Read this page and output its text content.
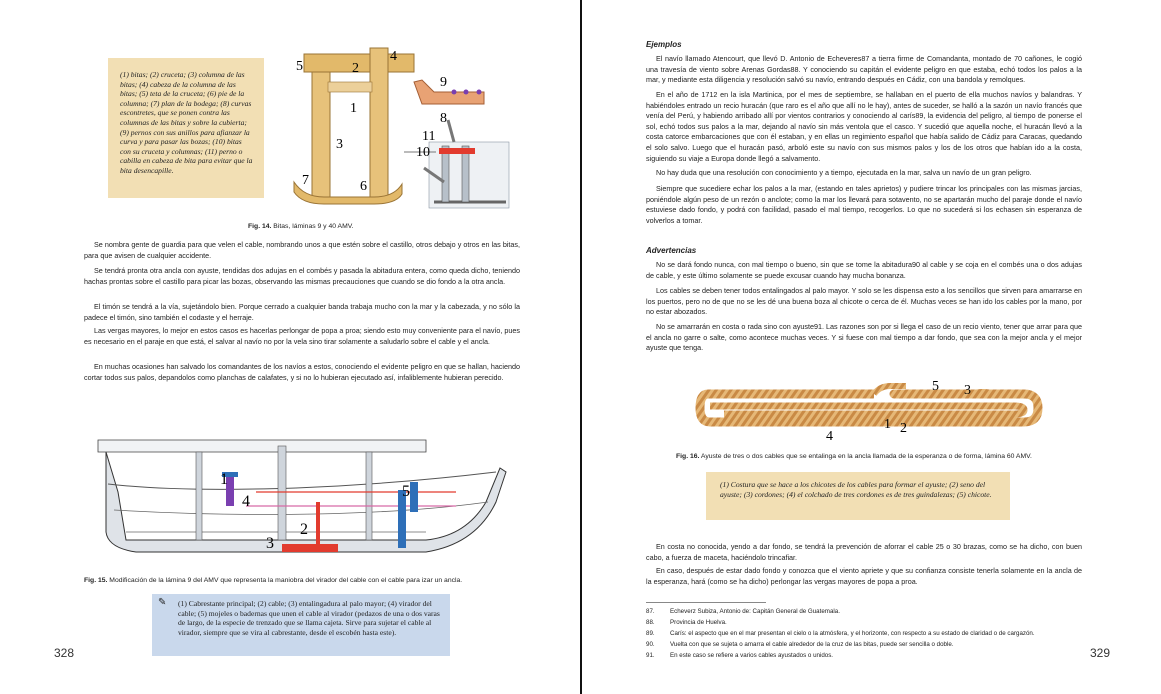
(1) bitas; (2) cruceta; (3) columna de las bitas; (4) cabeza de la columna de las bitas; (5) teta de la cruceta; (6) pie de la columna; (7) plan de la bodega; (8) curvas escontretes, que se ponen contra las columnas de las bitas y sobre la cubierta; (9) pernos con sus anillos para afianzar la curva y para pasar las bozas; (10) bitas con su cruceta y columnas; (11) perno o cabilla en cabeza de bita para evitar que la bita desencapille.
5	2
4
1
3
7	6
9
8
11
10
Fig. 14. Bitas, láminas 9 y 40 AMV.

Se nombra gente de guardia para que velen el cable, nombrando unos a que estén sobre el castillo, otros debajo y otros en las bitas, para que avisen de cualquier accidente.

Se tendrá pronta otra ancla con ayuste, tendidas dos adujas en el combés y pasada la abitadura entera, como queda dicho, teniendo hachas prontas sobre el castillo para picar las bozas, observando las mismas precauciones que cuando se dio fondo a la otra ancla.

El timón se tendrá a la vía, sujetándolo bien. Porque cerrado a cualquier banda trabaja mucho con la mar y la cabezada, y no sólo la padece el timón, sino también el codaste y el herraje.

Las vergas mayores, lo mejor en estos casos es hacerlas perlongar de popa a proa; siendo esto muy conveniente para el navío, pues es necesario en el paraje en que está, el salvar al navío no por la vela sino tirar solamente a saludarlo sobre el cable y el ancla.

En muchas ocasiones han salvado los comandantes de los navíos a estos, conociendo el evidente peligro en que se hallan, haciendo cortar todos sus palos, depandolos como planchas de calafates, y si no lo hubieran ejecutado así, infaliblemente hubieran perecido.

1
4
2
3
5
Fig. 15. Modificación de la lámina 9 del AMV que representa la maniobra del virador del cable con el cable para izar un ancla.
✎ (1) Cabrestante principal; (2) cable; (3) entalingadura al palo mayor; (4) virador del cable; (5) mojeles o badernas que unen el cable al virador (pedazos de una o dos varas de largo, de la especie de trenzado que se llama cajeta. Sirve para sujetar el cable al virador, siempre que se vira al cabrestante, desde el escobén hasta este).
328
Ejemplos

El navío llamado Atencourt, que llevó D. Antonio de Echeveres87 a tierra firme de Comandanta, montado de 70 cañones, le cogió una travesía de viento sobre Arenas Gordas88. Y conociendo su capitán el evidente peligro en que estaba, echó todos los palos a la mar, y mediante esta diligencia y resolución salvó su navío, entrando después en Cádiz, con una bandola y remolques.

En el año de 1712 en la isla Martinica, por el mes de septiembre, se hallaban en el puerto de ella muchos navíos y balandras. Y habiéndoles entrado un recio huracán (que raro es el año que allí no le hay), antes de suceder, se halló a la sazón un navío francés que venía del Perú, y habiendo arribado allí por vientos contrarios y conociendo al carís89, la evidencia del peligro, al tiempo de ponerse el sol, echó todos sus palos a la mar, dejando al navío sin más ventola que el casco. Y sucedió que aquella noche, el huracán llevó a la costa catorce embarcaciones que con él estaban, y en ellas un regimiento español que había salido de Cádiz para Caracas, quedando el solo salvo. Luego que el huracán pasó, arboló este su navío con sus mismos palos y los de los otros que habían ido a la costa, siguiendo su viaje a Europa donde llegó a salvamento.

No hay duda que una resolución con conocimiento y a tiempo, ejecutada en la mar, salva un navío de un gran peligro.

Siempre que sucediere echar los palos a la mar, (estando en tales aprietos) y pudiere trincar los principales con las mismas jarcias, poniéndole algún peso de un rezón o anclote; como la mar los llevará para sotavento, no se apartarán mucho del paraje donde el navío estuviese dado fondo, y podrá con facilidad, pasado el mal tiempo, recogerlos. Lo que no sucederá si los echasen sin esperanza de volverlos a tomar.

Advertencias

No se dará fondo nunca, con mal tiempo o bueno, sin que se tome la abitadura90 al cable y se coja en el combés una o dos adujas de cable, y este último solamente se puede excusar cuando hay mucha bonanza.

Los cables se deben tener todos entalingados al palo mayor. Y solo se les dispensa esto a los sencillos que sirven para amarrarse en los puertos, pero no de que no se les dé una buena boza al chicote o cerca de él. Muchas veces se han ido los cables por la mano, por no estar abozados.

No se amarrarán en costa o rada sino con ayuste91. Las razones son por si llega el caso de un recio viento, tener que arrar para que el ancla no garre o salte, como acontece muchas veces. Y si fuese con mal tiempo a dar fondo, que sea con la mejor ancla y el mejor ayuste que tenga.

5 3
1 2
4
Fig. 16. Ayuste de tres o dos cables que se entalinga en la ancla llamada de la esperanza o de forma, lámina 60 AMV.
(1) Costura que se hace a los chicotes de los cables para formar el ayuste; (2) seno del ayuste; (3) cordones; (4) el colchado de tres cordones es de tres guindalezas; (5) chicote.

En costa no conocida, yendo a dar fondo, se tendrá la prevención de aforrar el cable 25 o 30 brazas, como se ha dicho, con buen cabo, a fuerza de maceta, haciéndolo trincafiar.

En caso, después de estar dado fondo y conozca que el viento apriete y que su confianza consiste tenerla solamente en la ancla de la esperanza, hará (como se ha dicho) perlongar las vergas mayores de popa a proa.

87. Echeverz Subiza, Antonio de: Capitán General de Guatemala.
88. Provincia de Huelva.
89. Carís: el aspecto que en el mar presentan el cielo o la atmósfera, y el horizonte, con respecto a su estado de claridad o de cargazón.
90. Vuelta con que se sujeta o amarra el cable alrededor de la cruz de las bitas, puede ser sencilla o doble.
91. En este caso se refiere a varios cables ayustados o unidos.	329
